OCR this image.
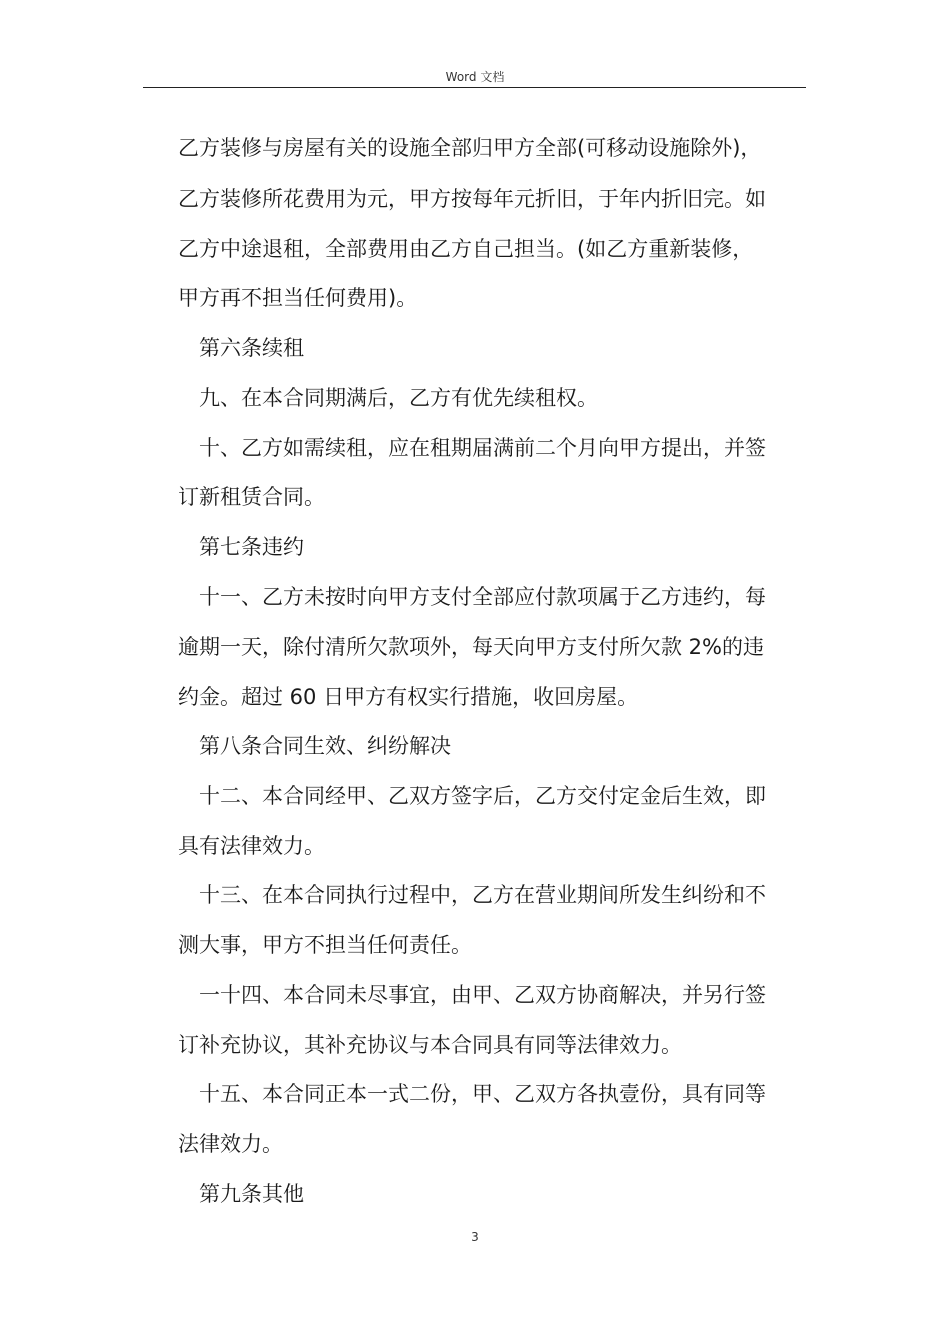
Word 文档
乙方装修与房屋有关的设施全部归甲方全部(可移动设施除外)，
乙方装修所花费用为元，甲方按每年元折旧，于年内折旧完。如
乙方中途退租，全部费用由乙方自己担当。(如乙方重新装修，
甲方再不担当任何费用)。
第六条续租
九、在本合同期满后，乙方有优先续租权。
十、乙方如需续租，应在租期届满前二个月向甲方提出，并签
订新租赁合同。
第七条违约
十一、乙方未按时向甲方支付全部应付款项属于乙方违约，每
逾期一天，除付清所欠款项外，每天向甲方支付所欠款 2%的违
约金。超过 60 日甲方有权实行措施，收回房屋。
第八条合同生效、纠纷解决
十二、本合同经甲、乙双方签字后，乙方交付定金后生效，即
具有法律效力。
十三、在本合同执行过程中，乙方在营业期间所发生纠纷和不
测大事，甲方不担当任何责任。
一十四、本合同未尽事宜，由甲、乙双方协商解决，并另行签
订补充协议，其补充协议与本合同具有同等法律效力。
十五、本合同正本一式二份，甲、乙双方各执壹份，具有同等
法律效力。
第九条其他
3
